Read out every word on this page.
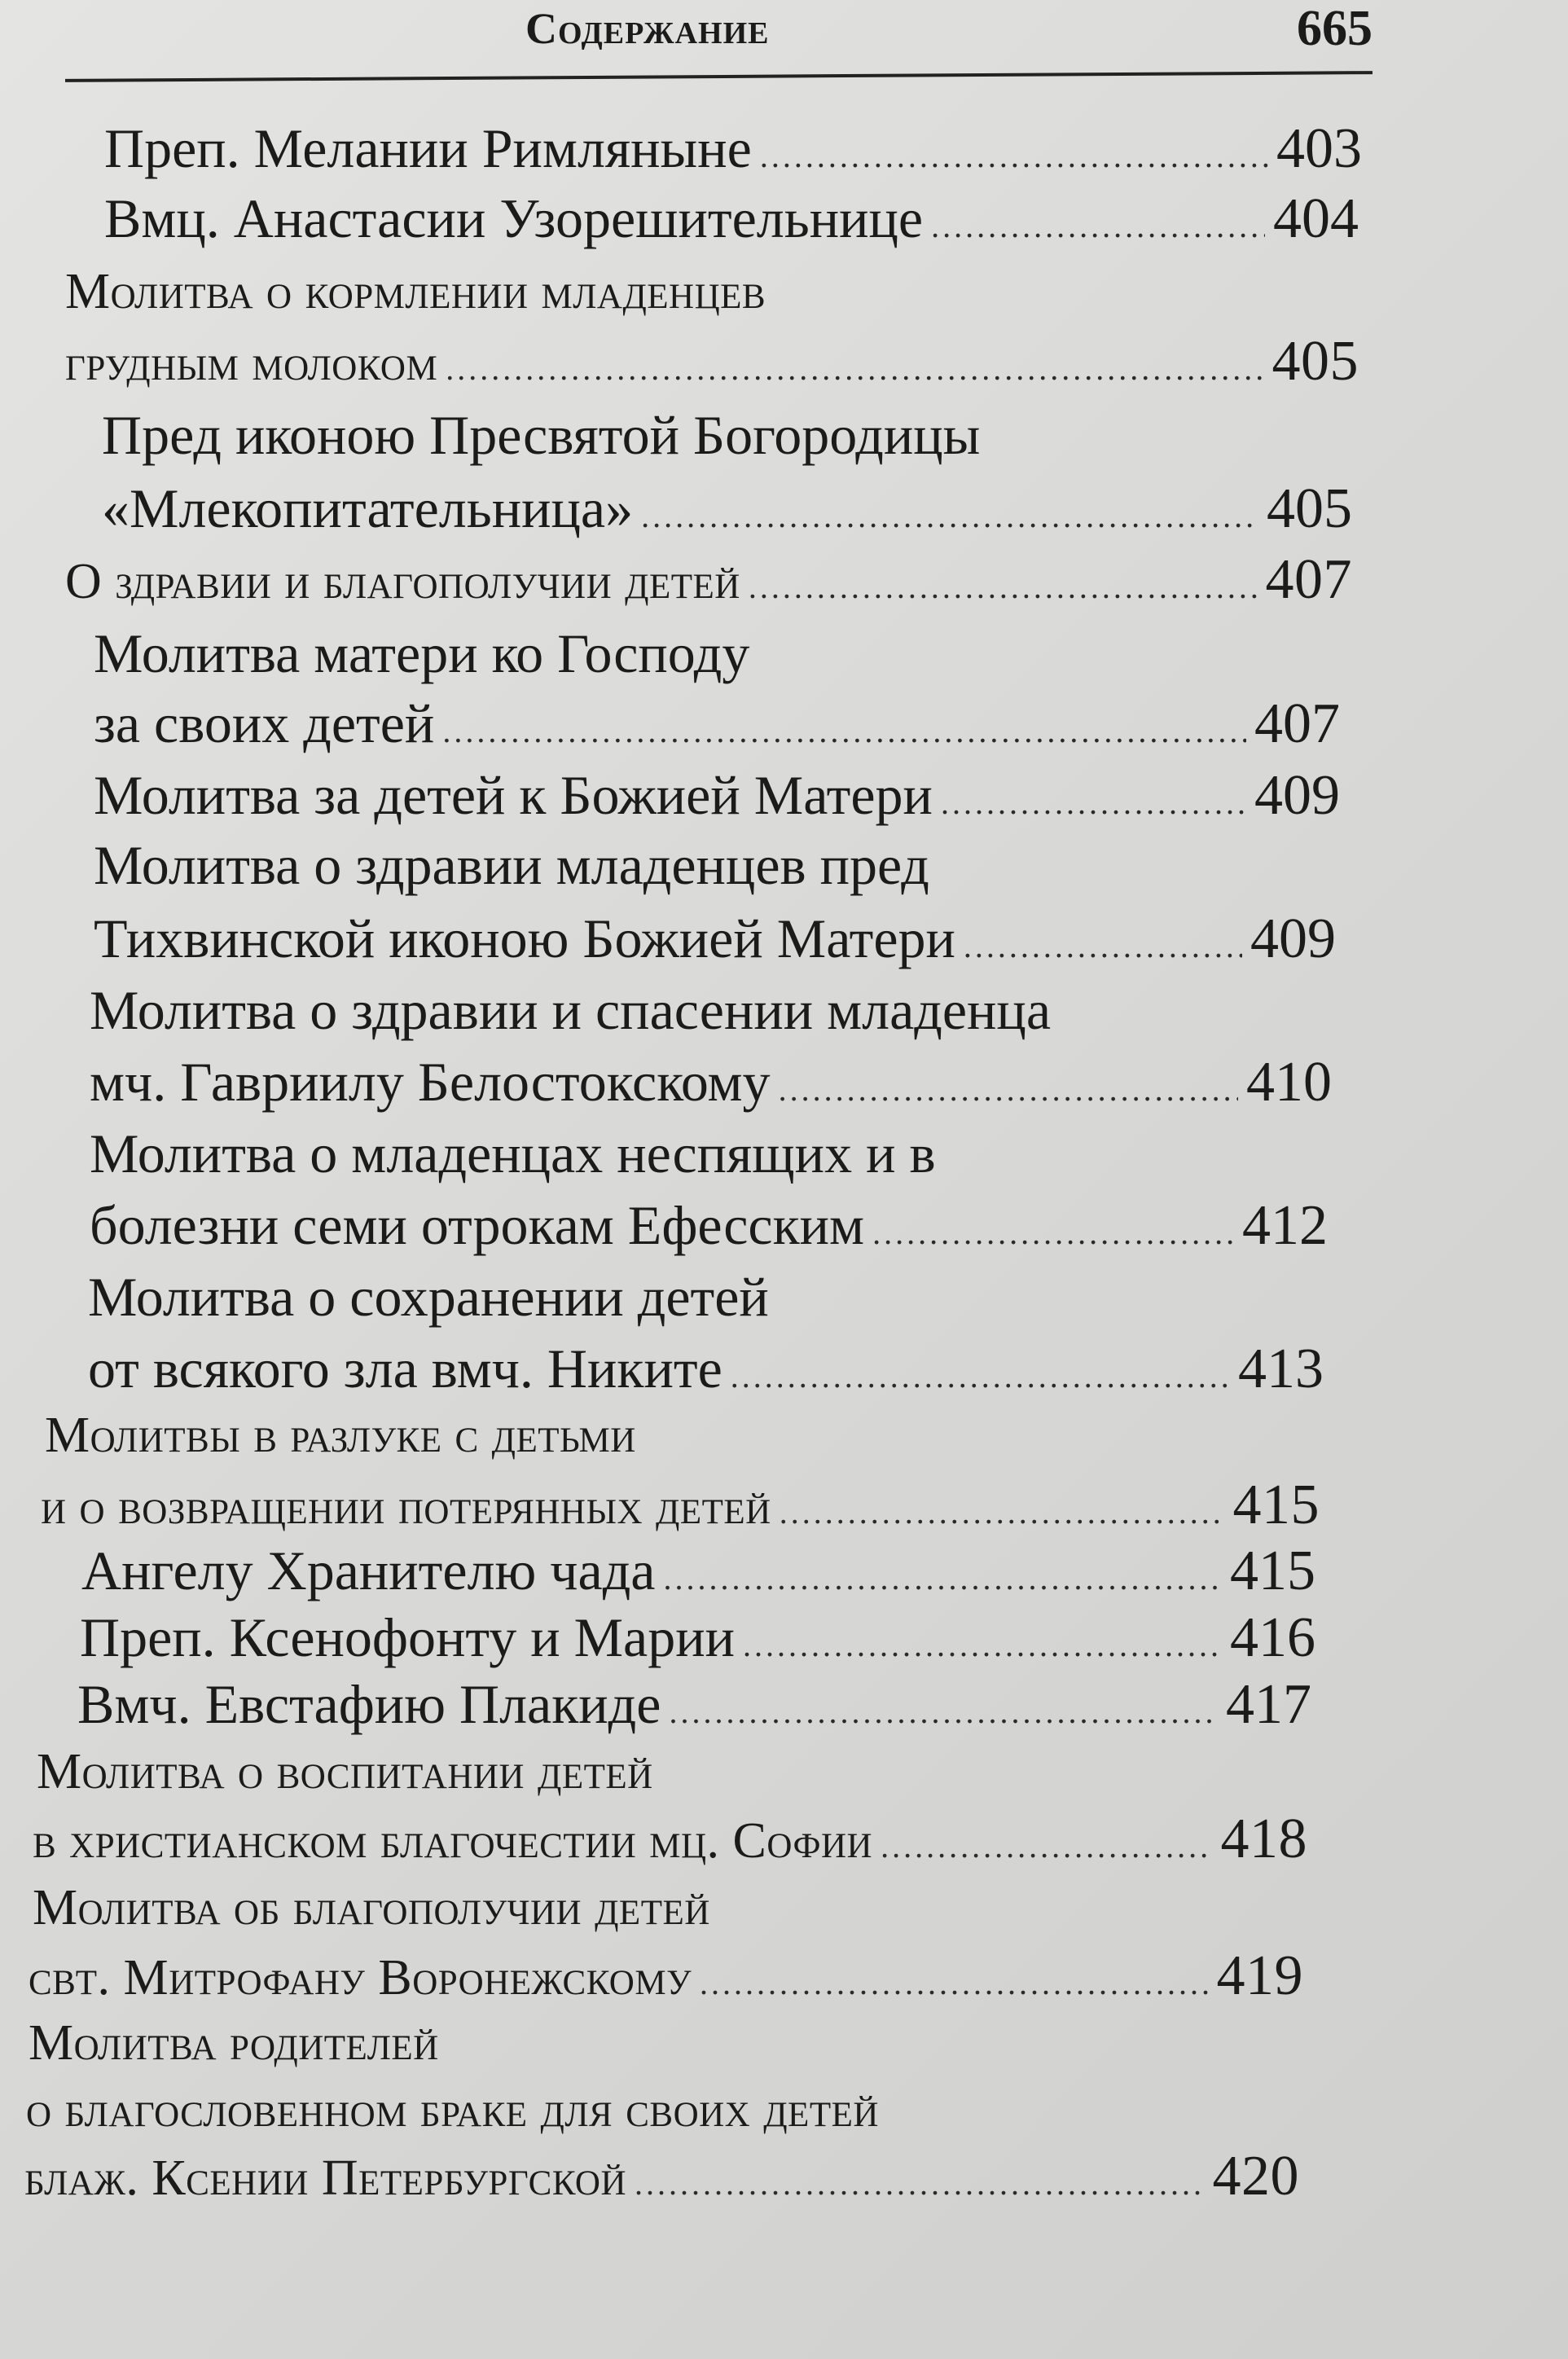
Содержание	665
Преп. Мелании Римляныне .....	403
Вмц. Анастасии Узорешительнице .....	404
Молитва о кормлении младенцев
грудным молоком .....	405
Пред иконою Пресвятой Богородицы
«Млекопитательница» .....	405
О здравии и благополучии детей .....	407
Молитва матери ко Господу
за своих детей .....	407
Молитва за детей к Божией Матери .....	409
Молитва о здравии младенцев пред
Тихвинской иконою Божией Матери .....	409
Молитва о здравии и спасении младенца
мч. Гавриилу Белостокскому .....	410
Молитва о младенцах неспящих и в
болезни семи отрокам Ефесским .....	412
Молитва о сохранении детей
от всякого зла вмч. Никите .....	413
Молитвы в разлуке с детьми
и о возвращении потерянных детей .....	415
Ангелу Хранителю чада .....	415
Преп. Ксенофонту и Марии .....	416
Вмч. Евстафию Плакиде .....	417
Молитва о воспитании детей
в христианском благочестии мц. Софии .....	418
Молитва об благополучии детей
свт. Митрофану Воронежскому .....	419
Молитва родителей
о благословенном браке для своих детей
блаж. Ксении Петербургской .....	420
